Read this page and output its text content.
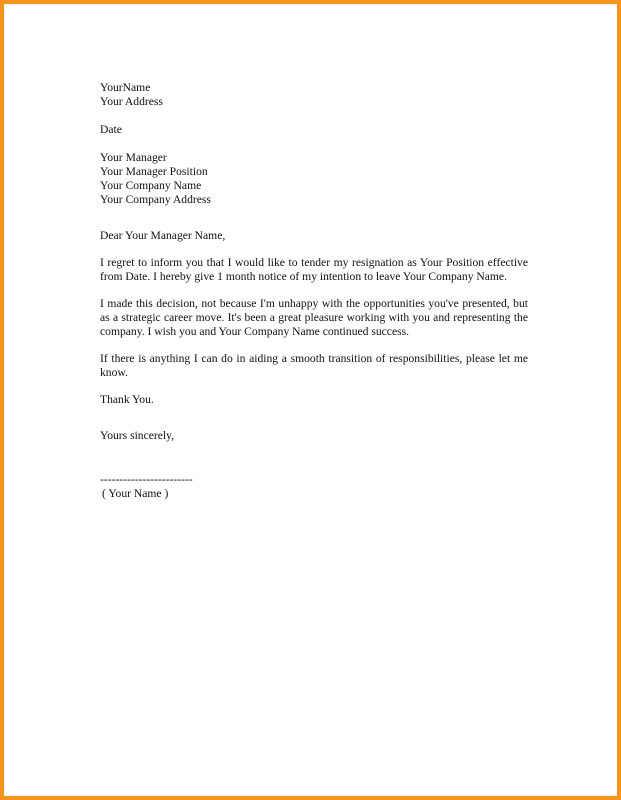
YourName
Your Address
Date
Your Manager
Your Manager Position
Your Company Name
Your Company Address
Dear Your Manager Name,
I regret to inform you that I would like to tender my resignation as Your Position effective from Date. I hereby give 1 month notice of my intention to leave Your Company Name.
I made this decision, not because I'm unhappy with the opportunities you've presented, but as a strategic career move. It's been a great pleasure working with you and representing the company. I wish you and Your Company Name continued success.
If there is anything I can do in aiding a smooth transition of responsibilities, please let me know.
Thank You.
Yours sincerely,
------------------------
( Your Name )
